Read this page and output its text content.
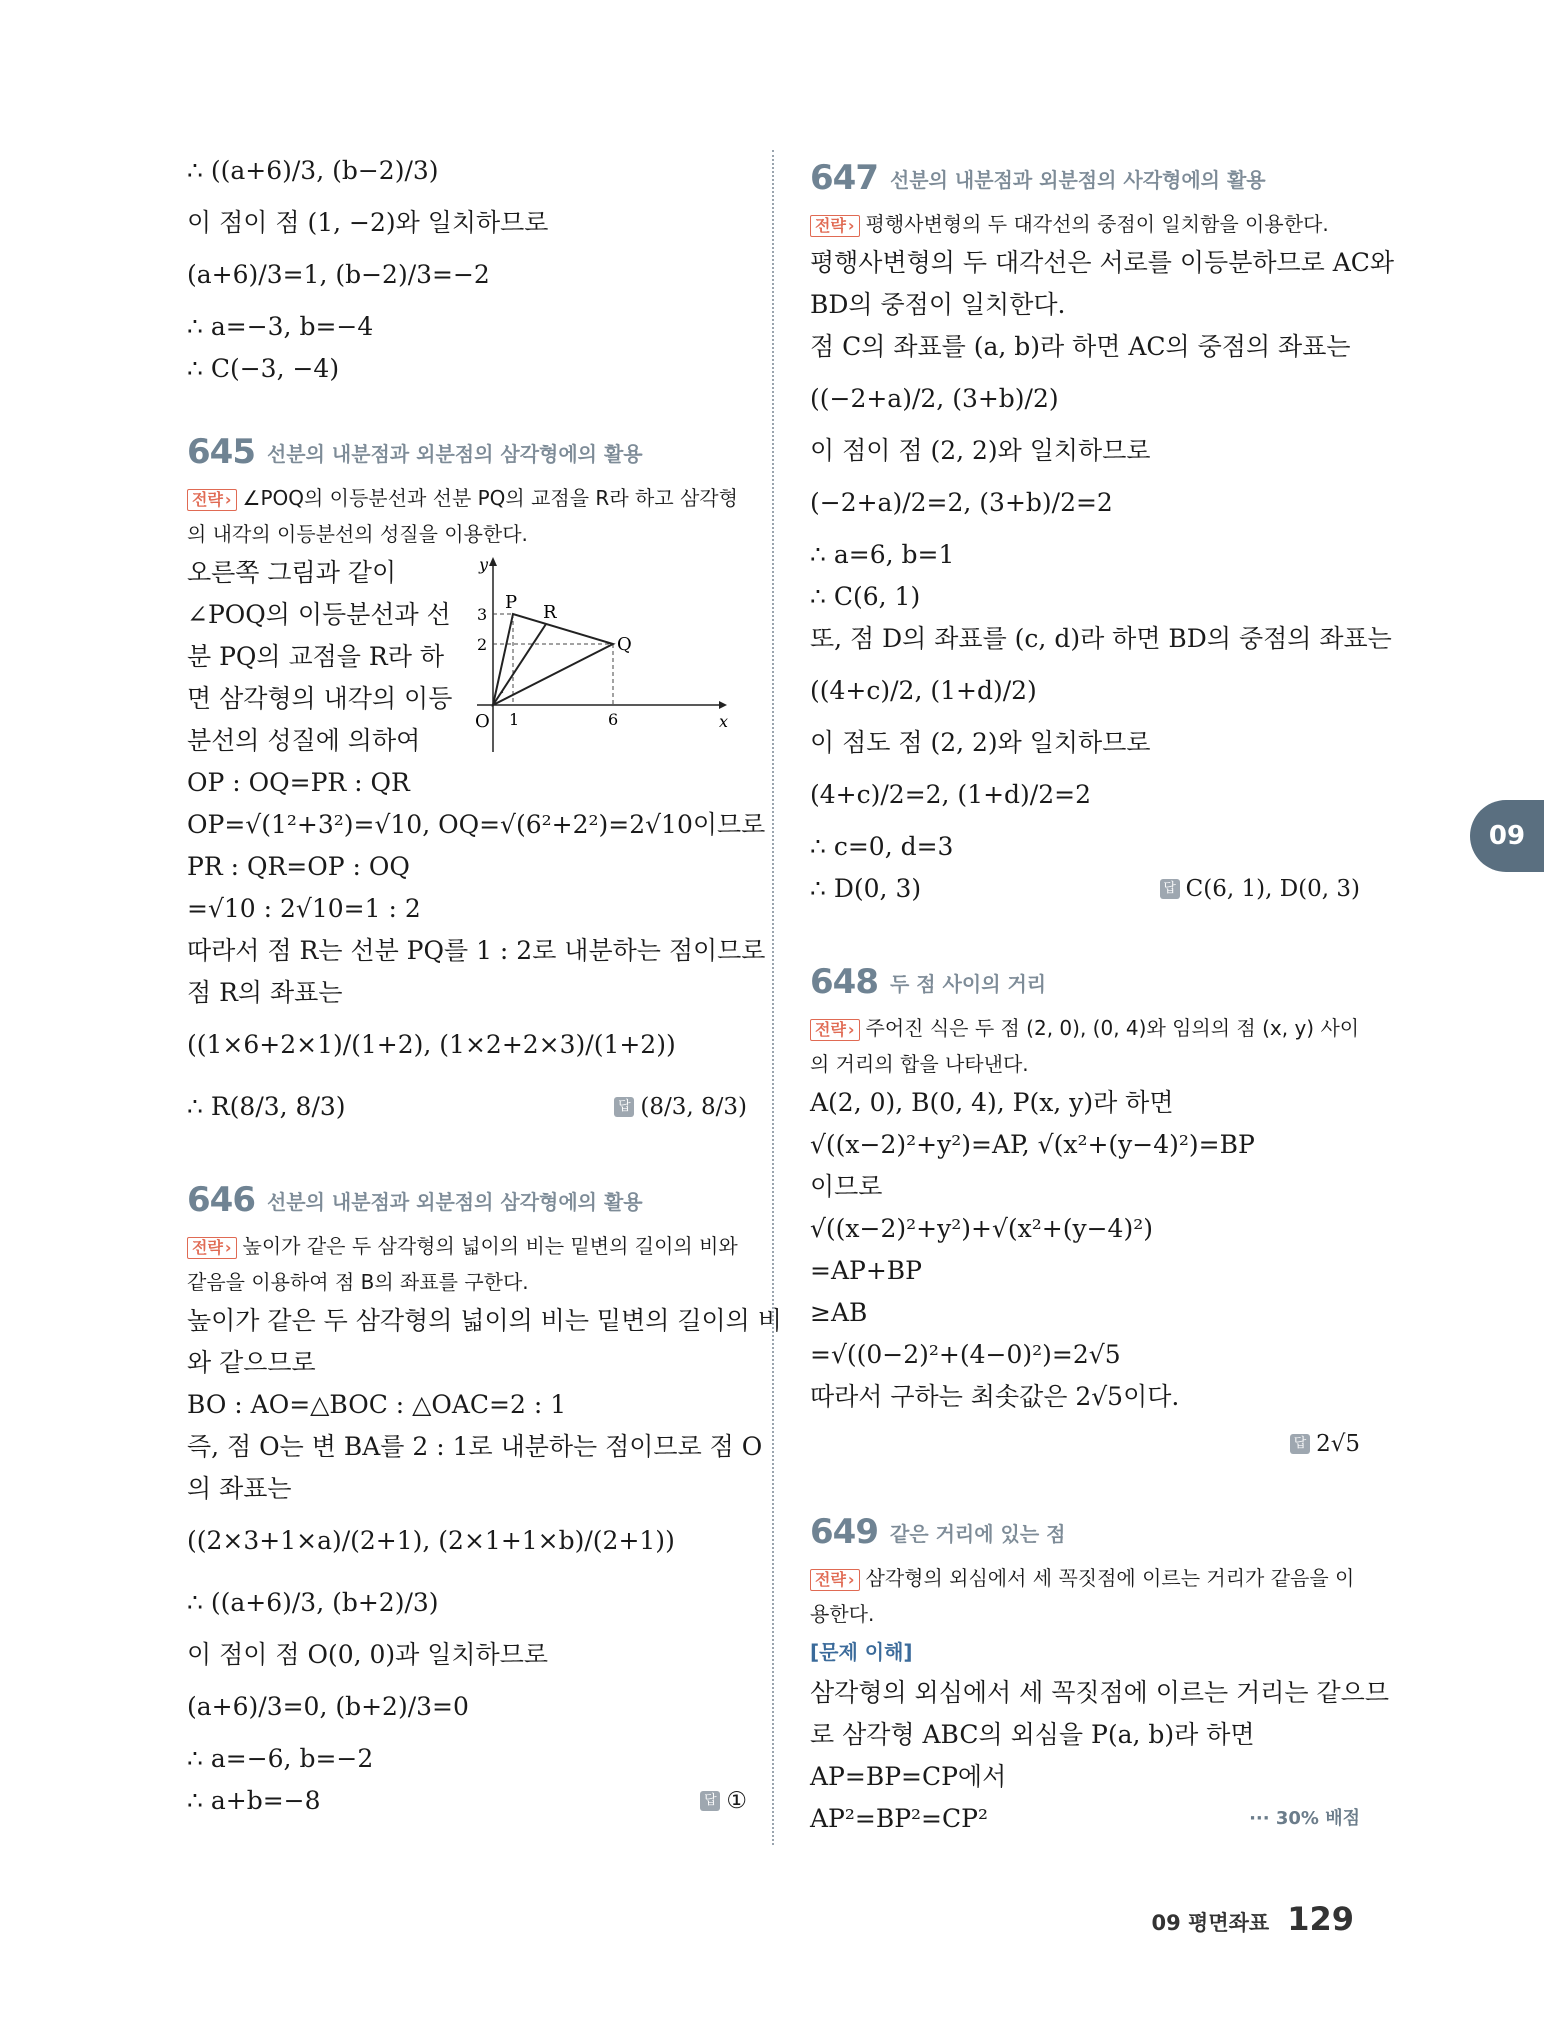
∴ ((a+6)/3, (b−2)/3)
이 점이 점 (1, −2)와 일치하므로
(a+6)/3=1, (b−2)/3=−2
∴ a=−3, b=−4
∴ C(−3, −4)
645 선분의 내분점과 외분점의 삼각형에의 활용
전략 › ∠POQ의 이등분선과 선분 PQ의 교점을 R라 하고 삼각형의 내각의 이등분선의 성질을 이용한다.
오른쪽 그림과 같이
∠POQ의 이등분선과 선
분 PQ의 교점을 R라 하
면 삼각형의 내각의 이등
분선의 성질에 의하여
y
x
O
P R
Q
3
2
1	6
OP : OQ=PR : QR
OP=√(1²+3²)=√10, OQ=√(6²+2²)=2√10이므로
PR : QR=OP : OQ
=√10 : 2√10=1 : 2
따라서 점 R는 선분 PQ를 1 : 2로 내분하는 점이므로
점 R의 좌표는
((1×6+2×1)/(1+2), (1×2+2×3)/(1+2))
∴ R(8/3, 8/3)	답 (8/3, 8/3)
646 선분의 내분점과 외분점의 삼각형에의 활용
전략 › 높이가 같은 두 삼각형의 넓이의 비는 밑변의 길이의 비와 같음을 이용하여 점 B의 좌표를 구한다.
높이가 같은 두 삼각형의 넓이의 비는 밑변의 길이의 비
와 같으므로
BO : AO=△BOC : △OAC=2 : 1
즉, 점 O는 변 BA를 2 : 1로 내분하는 점이므로 점 O
의 좌표는
((2×3+1×a)/(2+1), (2×1+1×b)/(2+1))
∴ ((a+6)/3, (b+2)/3)
이 점이 점 O(0, 0)과 일치하므로
(a+6)/3=0, (b+2)/3=0
∴ a=−6, b=−2
∴ a+b=−8	답 ①
647 선분의 내분점과 외분점의 사각형에의 활용
전략 › 평행사변형의 두 대각선의 중점이 일치함을 이용한다.
평행사변형의 두 대각선은 서로를 이등분하므로 AC와
BD의 중점이 일치한다.
점 C의 좌표를 (a, b)라 하면 AC의 중점의 좌표는
((−2+a)/2, (3+b)/2)
이 점이 점 (2, 2)와 일치하므로
(−2+a)/2=2, (3+b)/2=2
∴ a=6, b=1
∴ C(6, 1)
또, 점 D의 좌표를 (c, d)라 하면 BD의 중점의 좌표는
((4+c)/2, (1+d)/2)
이 점도 점 (2, 2)와 일치하므로
(4+c)/2=2, (1+d)/2=2
∴ c=0, d=3
∴ D(0, 3)	답 C(6, 1), D(0, 3)
648 두 점 사이의 거리
전략 › 주어진 식은 두 점 (2, 0), (0, 4)와 임의의 점 (x, y) 사이의 거리의 합을 나타낸다.
A(2, 0), B(0, 4), P(x, y)라 하면
√((x−2)²+y²)=AP, √(x²+(y−4)²)=BP
이므로
√((x−2)²+y²)+√(x²+(y−4)²)
=AP+BP
≥AB
=√((0−2)²+(4−0)²)=2√5
따라서 구하는 최솟값은 2√5이다.
답 2√5
649 같은 거리에 있는 점
전략 › 삼각형의 외심에서 세 꼭짓점에 이르는 거리가 같음을 이용한다.
[문제 이해]
삼각형의 외심에서 세 꼭짓점에 이르는 거리는 같으므
로 삼각형 ABC의 외심을 P(a, b)라 하면
AP=BP=CP에서
AP²=BP²=CP²	··· 30% 배점
09
09 평면좌표 129
